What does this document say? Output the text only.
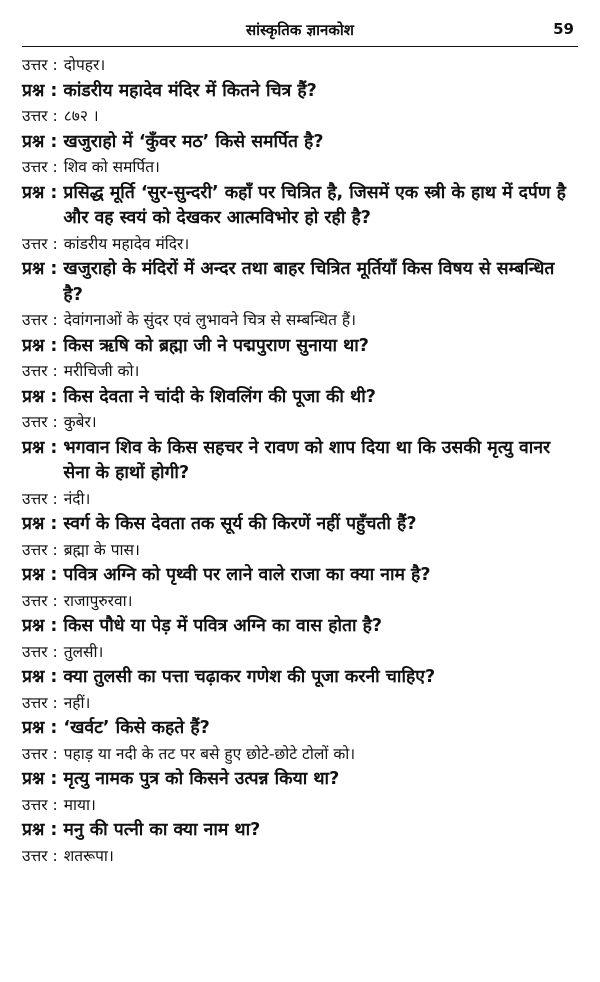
सांस्कृतिक ज्ञानकोश	59
उत्तर : दोपहर।
प्रश्न : कांडरीय महादेव मंदिर में कितने चित्र हैं?
उत्तर : ८७२ ।
प्रश्न : खजुराहो में ‘कुँवर मठ’ किसे समर्पित है?
उत्तर : शिव को समर्पित।
प्रश्न : प्रसिद्ध मूर्ति ‘सुर-सुन्दरी’ कहाँ पर चित्रित है, जिसमें एक स्त्री के हाथ में दर्पण है और वह स्वयं को देखकर आत्मविभोर हो रही है?
उत्तर : कांडरीय महादेव मंदिर।
प्रश्न : खजुराहो के मंदिरों में अन्दर तथा बाहर चित्रित मूर्तियाँ किस विषय से सम्बन्धित है?
उत्तर : देवांगनाओं के सुंदर एवं लुभावने चित्र से सम्बन्धित हैं।
प्रश्न : किस ऋषि को ब्रह्मा जी ने पद्मपुराण सुनाया था?
उत्तर : मरीचिजी को।
प्रश्न : किस देवता ने चांदी के शिवलिंग की पूजा की थी?
उत्तर : कुबेर।
प्रश्न : भगवान शिव के किस सहचर ने रावण को शाप दिया था कि उसकी मृत्यु वानर सेना के हाथों होगी?
उत्तर : नंदी।
प्रश्न : स्वर्ग के किस देवता तक सूर्य की किरणें नहीं पहुँचती हैं?
उत्तर : ब्रह्मा के पास।
प्रश्न : पवित्र अग्नि को पृथ्वी पर लाने वाले राजा का क्या नाम है?
उत्तर : राजापुरुरवा।
प्रश्न : किस पौधे या पेड़ में पवित्र अग्नि का वास होता है?
उत्तर : तुलसी।
प्रश्न : क्या तुलसी का पत्ता चढ़ाकर गणेश की पूजा करनी चाहिए?
उत्तर : नहीं।
प्रश्न : ‘खर्वट’ किसे कहते हैं?
उत्तर : पहाड़ या नदी के तट पर बसे हुए छोटे-छोटे टोलों को।
प्रश्न : मृत्यु नामक पुत्र को किसने उत्पन्न किया था?
उत्तर : माया।
प्रश्न : मनु की पत्नी का क्या नाम था?
उत्तर : शतरूपा।
